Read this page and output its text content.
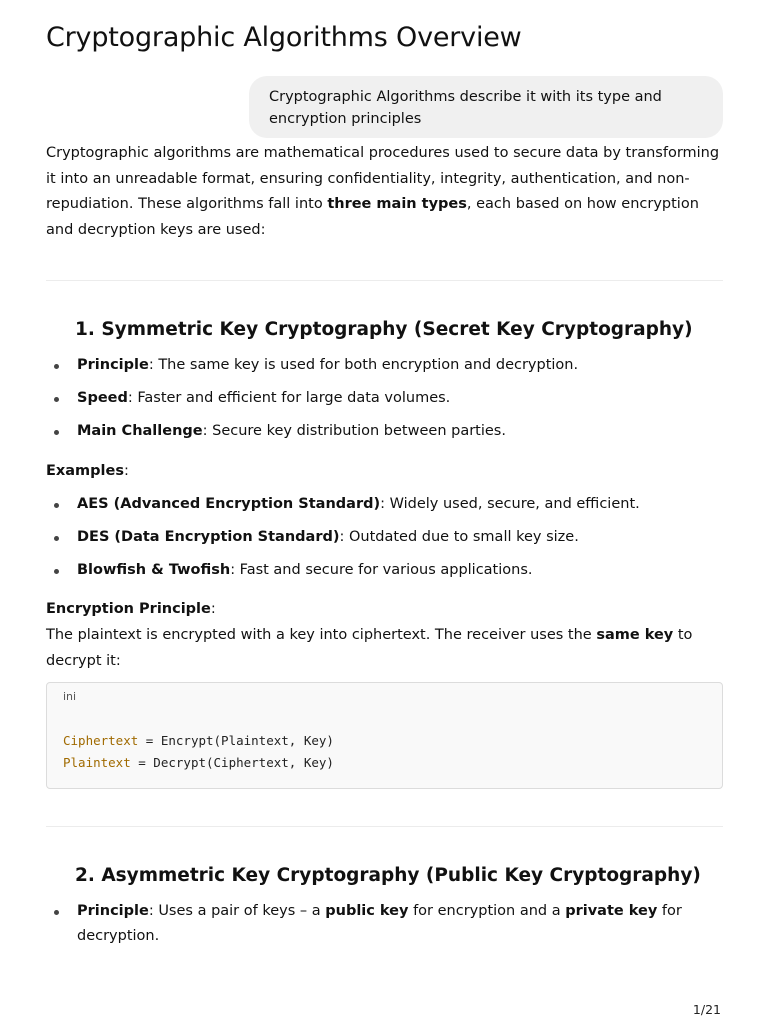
Cryptographic Algorithms Overview
Cryptographic Algorithms describe it with its type and encryption principles

Cryptographic algorithms are mathematical procedures used to secure data by transforming it into an unreadable format, ensuring confidentiality, integrity, authentication, and non-repudiation. These algorithms fall into three main types, each based on how encryption and decryption keys are used:

1. Symmetric Key Cryptography (Secret Key Cryptography)
Principle: The same key is used for both encryption and decryption.
Speed: Faster and efficient for large data volumes.
Main Challenge: Secure key distribution between parties.
Examples:
AES (Advanced Encryption Standard): Widely used, secure, and efficient.
DES (Data Encryption Standard): Outdated due to small key size.
Blowfish & Twofish: Fast and secure for various applications.
Encryption Principle:

The plaintext is encrypted with a key into ciphertext. The receiver uses the same key to decrypt it:

ini
Ciphertext = Encrypt(Plaintext, Key)
Plaintext = Decrypt(Ciphertext, Key)
2. Asymmetric Key Cryptography (Public Key Cryptography)
Principle: Uses a pair of keys – a public key for encryption and a private key for decryption.
1/21
